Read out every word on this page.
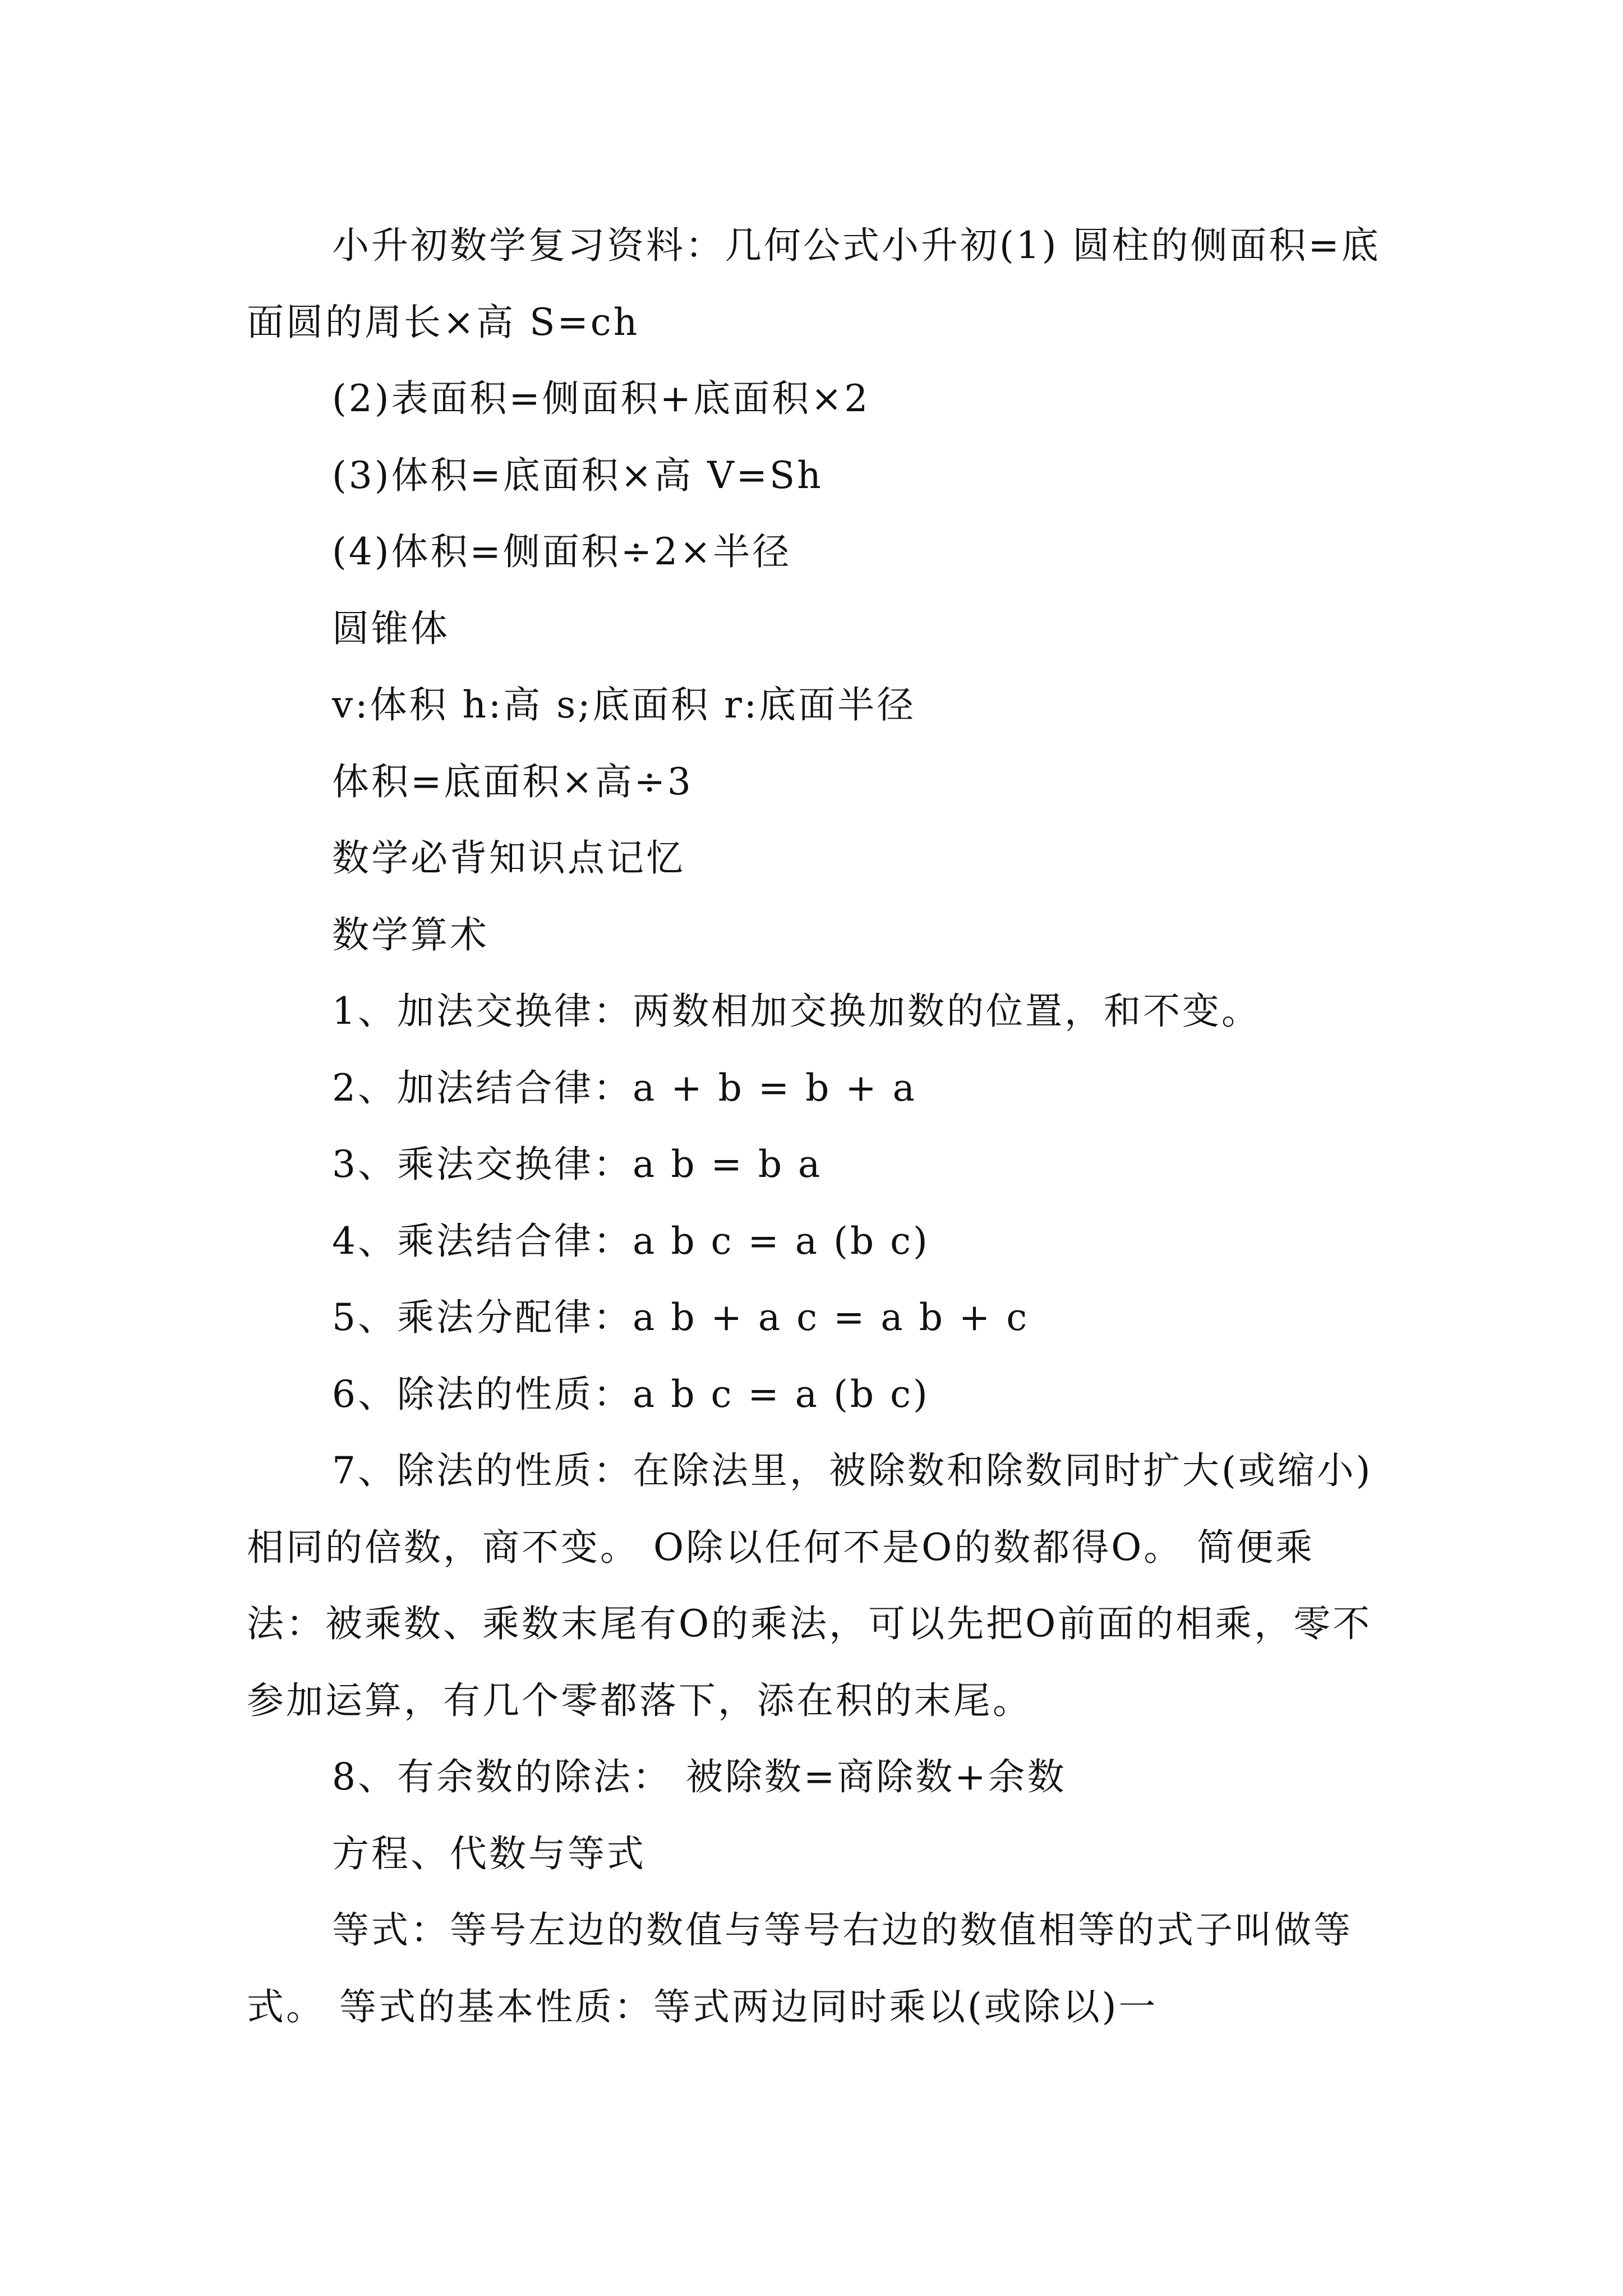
小升初数学复习资料：几何公式小升初(1) 圆柱的侧面积=底面圆的周长×高 S=ch

(2)表面积=侧面积+底面积×2

(3)体积=底面积×高 V=Sh

(4)体积=侧面积÷2×半径

圆锥体

v:体积 h:高 s;底面积 r:底面半径

体积=底面积×高÷3

数学必背知识点记忆

数学算术

1、加法交换律：两数相加交换加数的位置，和不变。

2、加法结合律：a + b = b + a

3、乘法交换律：a b = b a

4、乘法结合律：a b c = a (b c)

5、乘法分配律：a b + a c = a b + c

6、除法的性质：a b c = a (b c)

7、除法的性质：在除法里，被除数和除数同时扩大(或缩小)相同的倍数，商不变。 O除以任何不是O的数都得O。 简便乘法：被乘数、乘数末尾有O的乘法，可以先把O前面的相乘，零不参加运算，有几个零都落下，添在积的末尾。

8、有余数的除法： 被除数=商除数+余数

方程、代数与等式

等式：等号左边的数值与等号右边的数值相等的式子叫做等式。 等式的基本性质：等式两边同时乘以(或除以)一
